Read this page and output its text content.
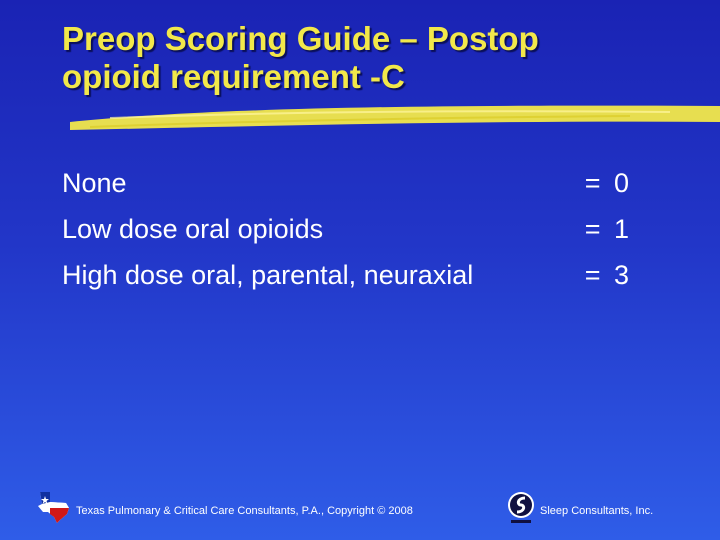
Preop Scoring Guide – Postop
opioid requirement -C
None	= 0
Low dose oral opioids	= 1
High dose oral, parental, neuraxial	= 3
Texas Pulmonary & Critical Care Consultants, P.A., Copyright © 2008	Sleep Consultants, Inc.
